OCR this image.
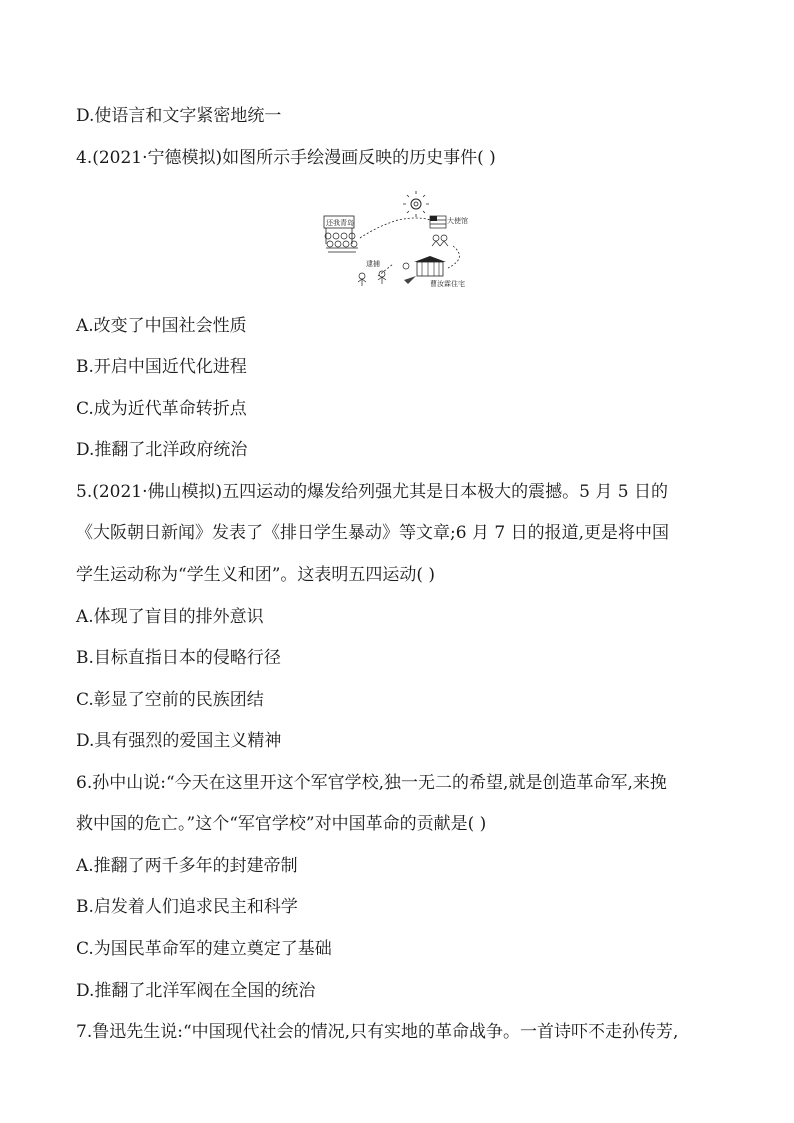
D.使语言和文字紧密地统一
4.(2021·宁德模拟)如图所示手绘漫画反映的历史事件( )
还我青岛	大使馆
逮捕
曹汝霖住宅
A.改变了中国社会性质
B.开启中国近代化进程
C.成为近代革命转折点
D.推翻了北洋政府统治
5.(2021·佛山模拟)五四运动的爆发给列强尤其是日本极大的震撼。5 月 5 日的
《大阪朝日新闻》发表了《排日学生暴动》等文章;6 月 7 日的报道,更是将中国
学生运动称为“学生义和团”。这表明五四运动( )
A.体现了盲目的排外意识
B.目标直指日本的侵略行径
C.彰显了空前的民族团结
D.具有强烈的爱国主义精神
6.孙中山说:“今天在这里开这个军官学校,独一无二的希望,就是创造革命军,来挽
救中国的危亡。”这个“军官学校”对中国革命的贡献是( )
A.推翻了两千多年的封建帝制
B.启发着人们追求民主和科学
C.为国民革命军的建立奠定了基础
D.推翻了北洋军阀在全国的统治
7.鲁迅先生说:“中国现代社会的情况,只有实地的革命战争。一首诗吓不走孙传芳,
